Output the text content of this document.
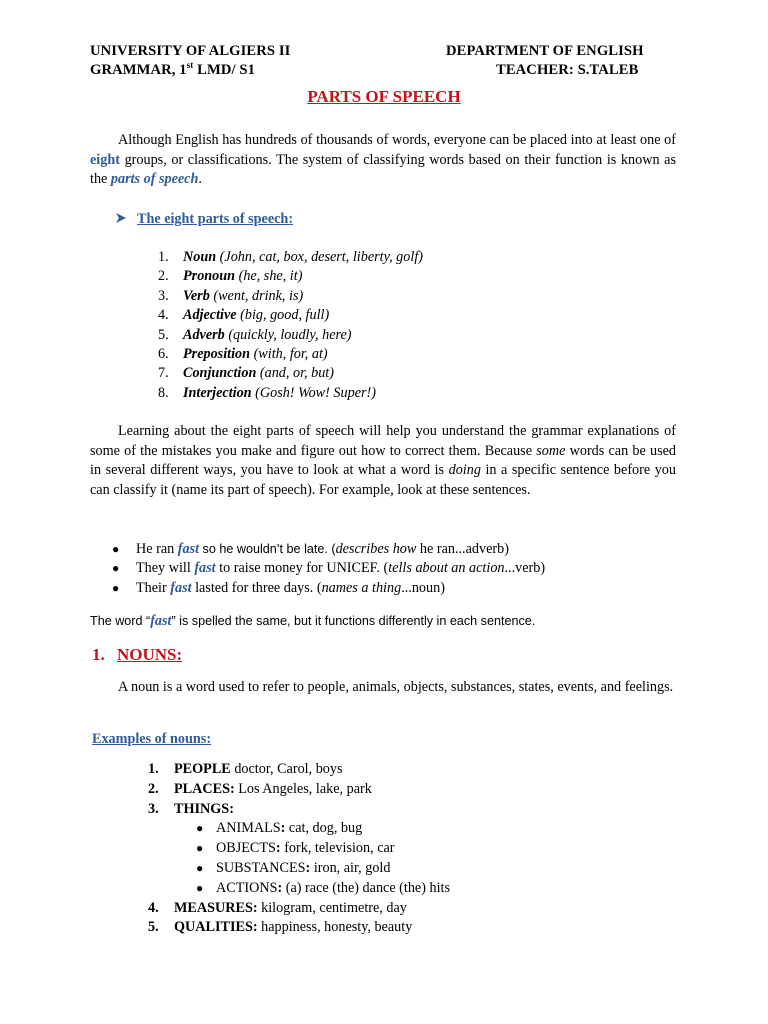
UNIVERSITY OF ALGIERS II	DEPARTMENT OF ENGLISH
GRAMMAR, 1st LMD/ S1	TEACHER: S.TALEB
PARTS OF SPEECH

Although English has hundreds of thousands of words, everyone can be placed into at least one of eight groups, or classifications. The system of classifying words based on their function is known as the parts of speech.

The eight parts of speech:
1. Noun (John, cat, box, desert, liberty, golf)
2. Pronoun (he, she, it)
3. Verb (went, drink, is)
4. Adjective (big, good, full)
5. Adverb (quickly, loudly, here)
6. Preposition (with, for, at)
7. Conjunction (and, or, but)
8. Interjection (Gosh! Wow! Super!)

Learning about the eight parts of speech will help you understand the grammar explanations of some of the mistakes you make and figure out how to correct them. Because some words can be used in several different ways, you have to look at what a word is doing in a specific sentence before you can classify it (name its part of speech). For example, look at these sentences.

● He ran fast so he wouldn’t be late. (describes how he ran...adverb)
● They will fast to raise money for UNICEF. (tells about an action...verb)
● Their fast lasted for three days. (names a thing...noun)
The word “fast” is spelled the same, but it functions differently in each sentence.
1. NOUNS:

A noun is a word used to refer to people, animals, objects, substances, states, events, and feelings.

Examples of nouns:
1. PEOPLE doctor, Carol, boys
2. PLACES: Los Angeles, lake, park
3. THINGS:
● ANIMALS: cat, dog, bug
● OBJECTS: fork, television, car
● SUBSTANCES: iron, air, gold
● ACTIONS: (a) race (the) dance (the) hits
4. MEASURES: kilogram, centimetre, day
5. QUALITIES: happiness, honesty, beauty
